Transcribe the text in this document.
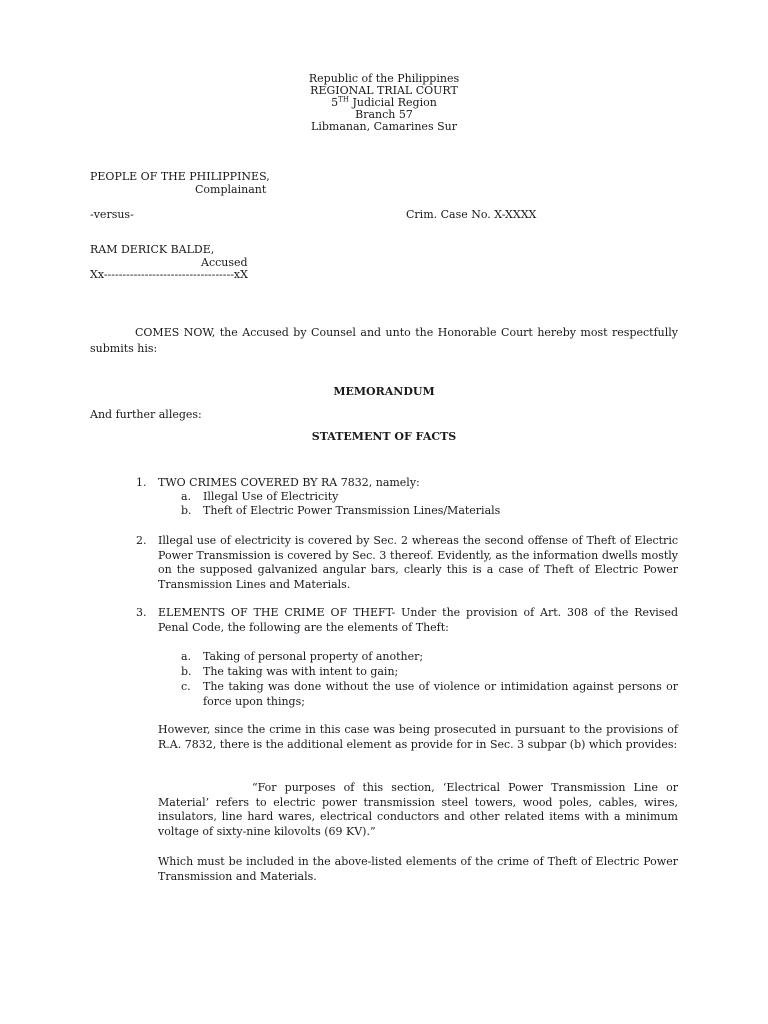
Republic of the Philippines
REGIONAL TRIAL COURT
5TH Judicial Region
Branch 57
Libmanan, Camarines Sur
PEOPLE OF THE PHILIPPINES,
Complainant
-versus-	Crim. Case No. X-XXXX
RAM DERICK BALDE,
Accused
Xx-----------------------------------xX
COMES NOW, the Accused by Counsel and unto the Honorable Court hereby most respectfully submits his:
MEMORANDUM
And further alleges:
STATEMENT OF FACTS
1. TWO CRIMES COVERED BY RA 7832, namely:
a. Illegal Use of Electricity
b. Theft of Electric Power Transmission Lines/Materials
2. Illegal use of electricity is covered by Sec. 2 whereas the second offense of Theft of Electric Power Transmission is covered by Sec. 3 thereof. Evidently, as the information dwells mostly on the supposed galvanized angular bars, clearly this is a case of Theft of Electric Power Transmission Lines and Materials.
3. ELEMENTS OF THE CRIME OF THEFT- Under the provision of Art. 308 of the Revised Penal Code, the following are the elements of Theft:
a. Taking of personal property of another;
b. The taking was with intent to gain;
c. The taking was done without the use of violence or intimidation against persons or force upon things;
However, since the crime in this case was being prosecuted in pursuant to the provisions of R.A. 7832, there is the additional element as provide for in Sec. 3 subpar (b) which provides:
“For purposes of this section, ‘Electrical Power Transmission Line or Material’ refers to electric power transmission steel towers, wood poles, cables, wires, insulators, line hard wares, electrical conductors and other related items with a minimum voltage of sixty-nine kilovolts (69 KV).”
Which must be included in the above-listed elements of the crime of Theft of Electric Power Transmission and Materials.
